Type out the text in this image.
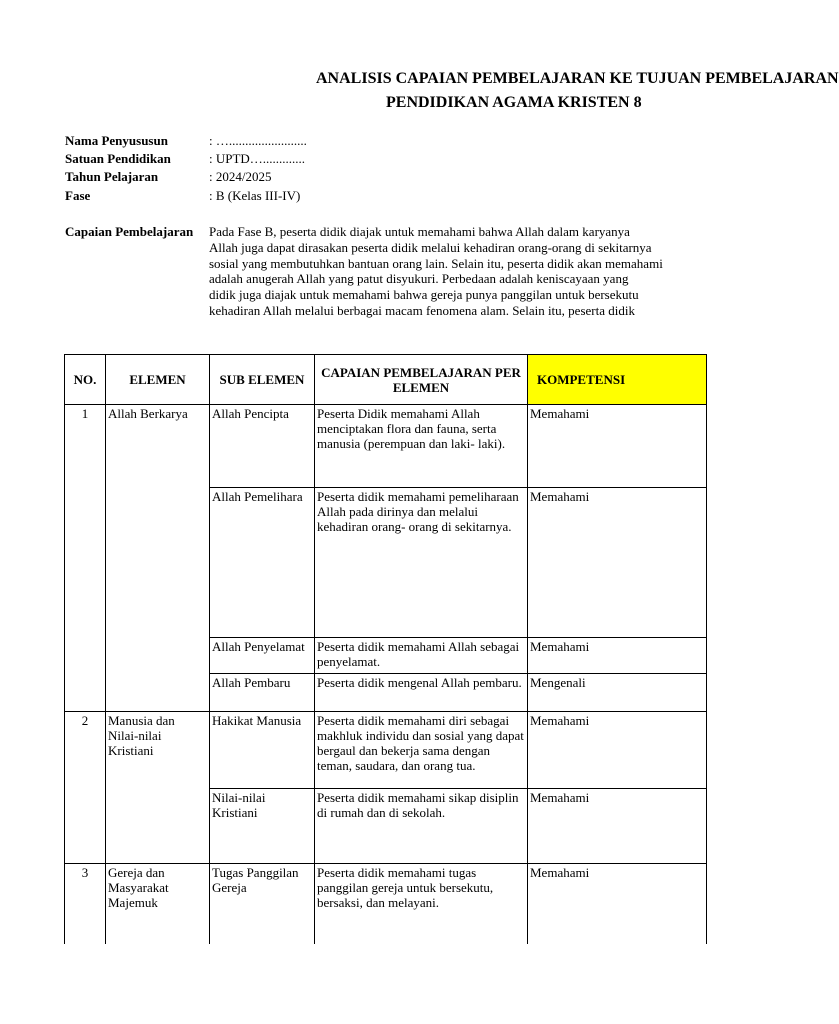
ANALISIS CAPAIAN PEMBELAJARAN KE TUJUAN PEMBELAJARAN
PENDIDIKAN AGAMA KRISTEN 8
Nama Penyususun	: …........................
Satuan Pendidikan	: UPTD….............
Tahun Pelajaran	: 2024/2025
Fase	: B (Kelas III-IV)
Capaian Pembelajaran Pada Fase B, peserta didik diajak untuk memahami bahwa Allah dalam karyanya
Allah juga dapat dirasakan peserta didik melalui kehadiran orang-orang di sekitarnya
sosial yang membutuhkan bantuan orang lain. Selain itu, peserta didik akan memahami
adalah anugerah Allah yang patut disyukuri. Perbedaan adalah keniscayaan yang
didik juga diajak untuk memahami bahwa gereja punya panggilan untuk bersekutu
kehadiran Allah melalui berbagai macam fenomena alam. Selain itu, peserta didik
NO.	ELEMEN	SUB ELEMEN	CAPAIAN PEMBELAJARAN PER ELEMEN	KOMPETENSI
1	Allah Berkarya	Allah Pencipta	Peserta Didik memahami Allah menciptakan flora dan fauna, serta manusia (perempuan dan laki- laki).	Memahami
		Allah Pemelihara	Peserta didik memahami pemeliharaan Allah pada dirinya dan melalui kehadiran orang- orang di sekitarnya.	Memahami
		Allah Penyelamat	Peserta didik memahami Allah sebagai penyelamat.	Memahami
		Allah Pembaru	Peserta didik mengenal Allah pembaru.	Mengenali
2	Manusia dan Nilai-nilai Kristiani	Hakikat Manusia	Peserta didik memahami diri sebagai makhluk individu dan sosial yang dapat bergaul dan bekerja sama dengan teman, saudara, dan orang tua.	Memahami
		Nilai-nilai Kristiani	Peserta didik memahami sikap disiplin di rumah dan di sekolah.	Memahami
3	Gereja dan Masyarakat Majemuk	Tugas Panggilan Gereja	Peserta didik memahami tugas panggilan gereja untuk bersekutu, bersaksi, dan melayani.	Memahami
